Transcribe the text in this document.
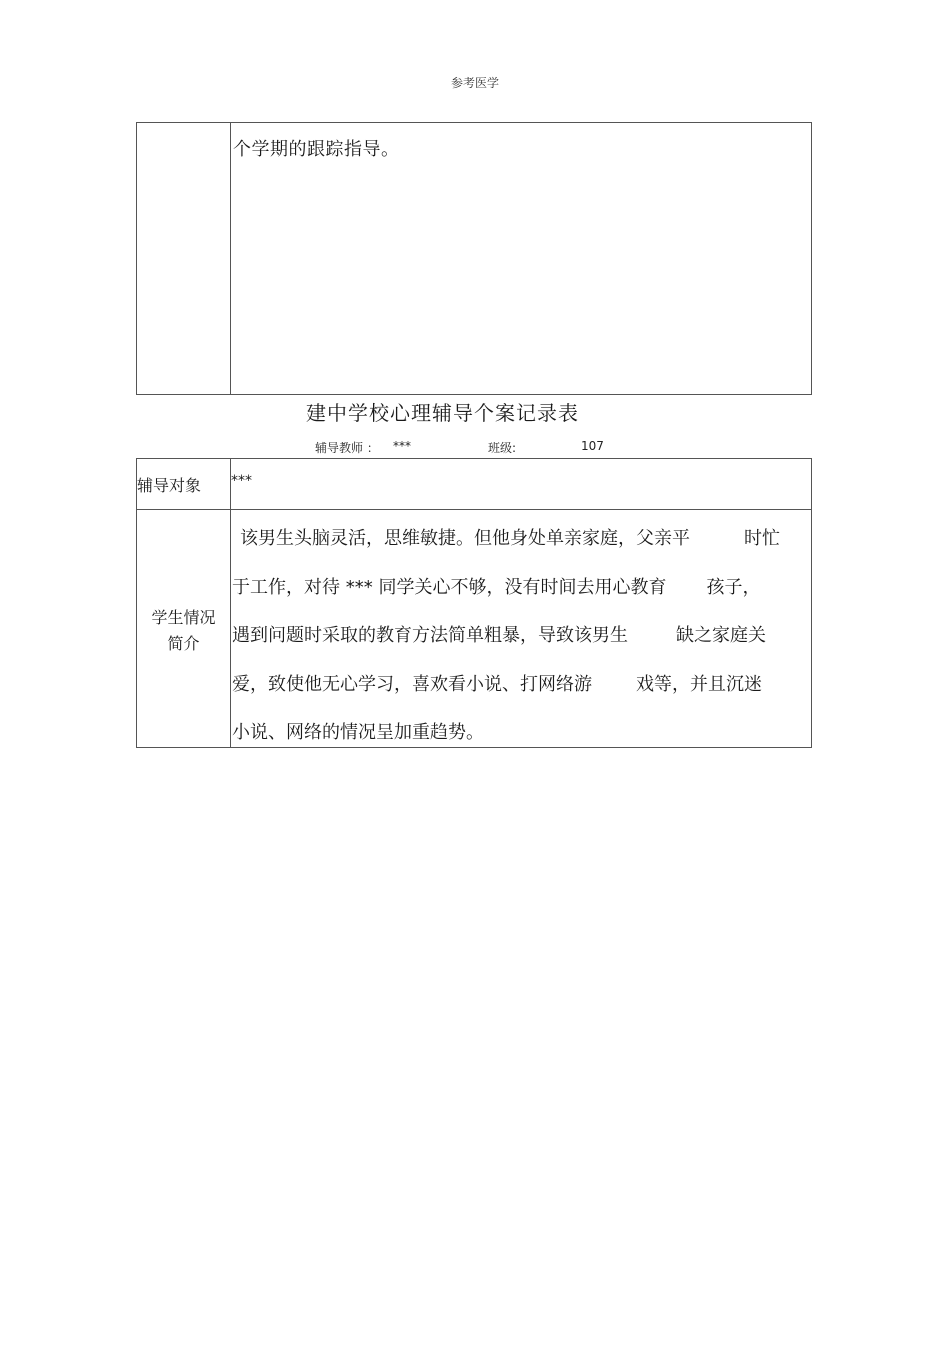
参考医学
个学期的跟踪指导。
建中学校心理辅导个案记录表
辅导教师 ： ***	班级:	107
辅导对象 ***
学生情况
简介
该男生头脑灵活，思维敏捷。但他身处单亲家庭，父亲平	时忙
于工作，对待 *** 同学关心不够，没有时间去用心教育 孩子，
遇到问题时采取的教育方法简单粗暴，导致该男生	缺之家庭关
爱，致使他无心学习，喜欢看小说、打网络游 戏等，并且沉迷
小说、网络的情况呈加重趋势。
